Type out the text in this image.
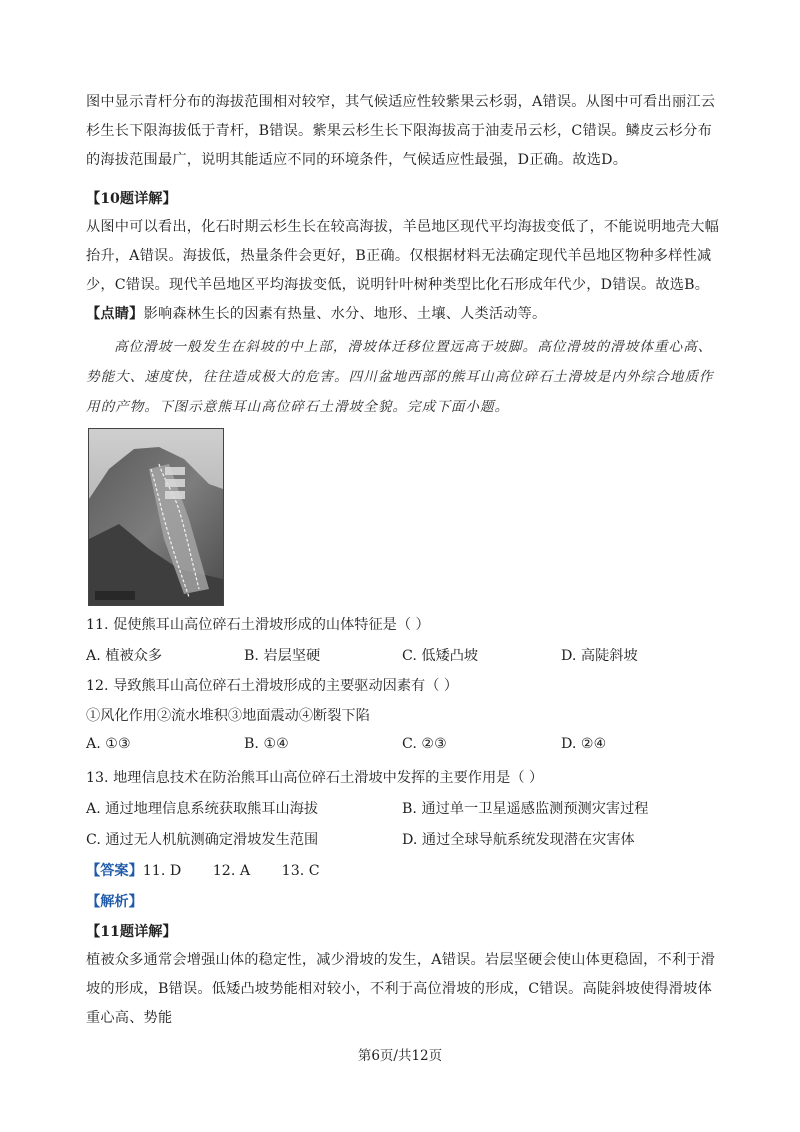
图中显示青杆分布的海拔范围相对较窄，其气候适应性较紫果云杉弱，A错误。从图中可看出丽江云杉生长下限海拔低于青杆，B错误。紫果云杉生长下限海拔高于油麦吊云杉，C错误。鳞皮云杉分布的海拔范围最广，说明其能适应不同的环境条件，气候适应性最强，D正确。故选D。

【10题详解】

从图中可以看出，化石时期云杉生长在较高海拔，羊邑地区现代平均海拔变低了，不能说明地壳大幅抬升，A错误。海拔低，热量条件会更好，B正确。仅根据材料无法确定现代羊邑地区物种多样性减少，C错误。现代羊邑地区平均海拔变低，说明针叶树种类型比化石形成年代少，D错误。故选B。

【点睛】影响森林生长的因素有热量、水分、地形、土壤、人类活动等。

高位滑坡一般发生在斜坡的中上部，滑坡体迁移位置远高于坡脚。高位滑坡的滑坡体重心高、势能大、速度快，往往造成极大的危害。四川盆地西部的熊耳山高位碎石土滑坡是内外综合地质作用的产物。下图示意熊耳山高位碎石土滑坡全貌。完成下面小题。

11. 促使熊耳山高位碎石土滑坡形成的山体特征是（ ）

A. 植被众多	B. 岩层坚硬	C. 低矮凸坡	D. 高陡斜坡

12. 导致熊耳山高位碎石土滑坡形成的主要驱动因素有（ ）

①风化作用②流水堆积③地面震动④断裂下陷

A. ①③	B. ①④	C. ②③	D. ②④

13. 地理信息技术在防治熊耳山高位碎石土滑坡中发挥的主要作用是（ ）

A. 通过地理信息系统获取熊耳山海拔	B. 通过单一卫星遥感监测预测灾害过程

C. 通过无人机航测确定滑坡发生范围	D. 通过全球导航系统发现潜在灾害体

【答案】11. D       12. A       13. C

【解析】

【11题详解】

植被众多通常会增强山体的稳定性，减少滑坡的发生，A错误。岩层坚硬会使山体更稳固，不利于滑坡的形成，B错误。低矮凸坡势能相对较小，不利于高位滑坡的形成，C错误。高陡斜坡使得滑坡体重心高、势能

第6页/共12页
